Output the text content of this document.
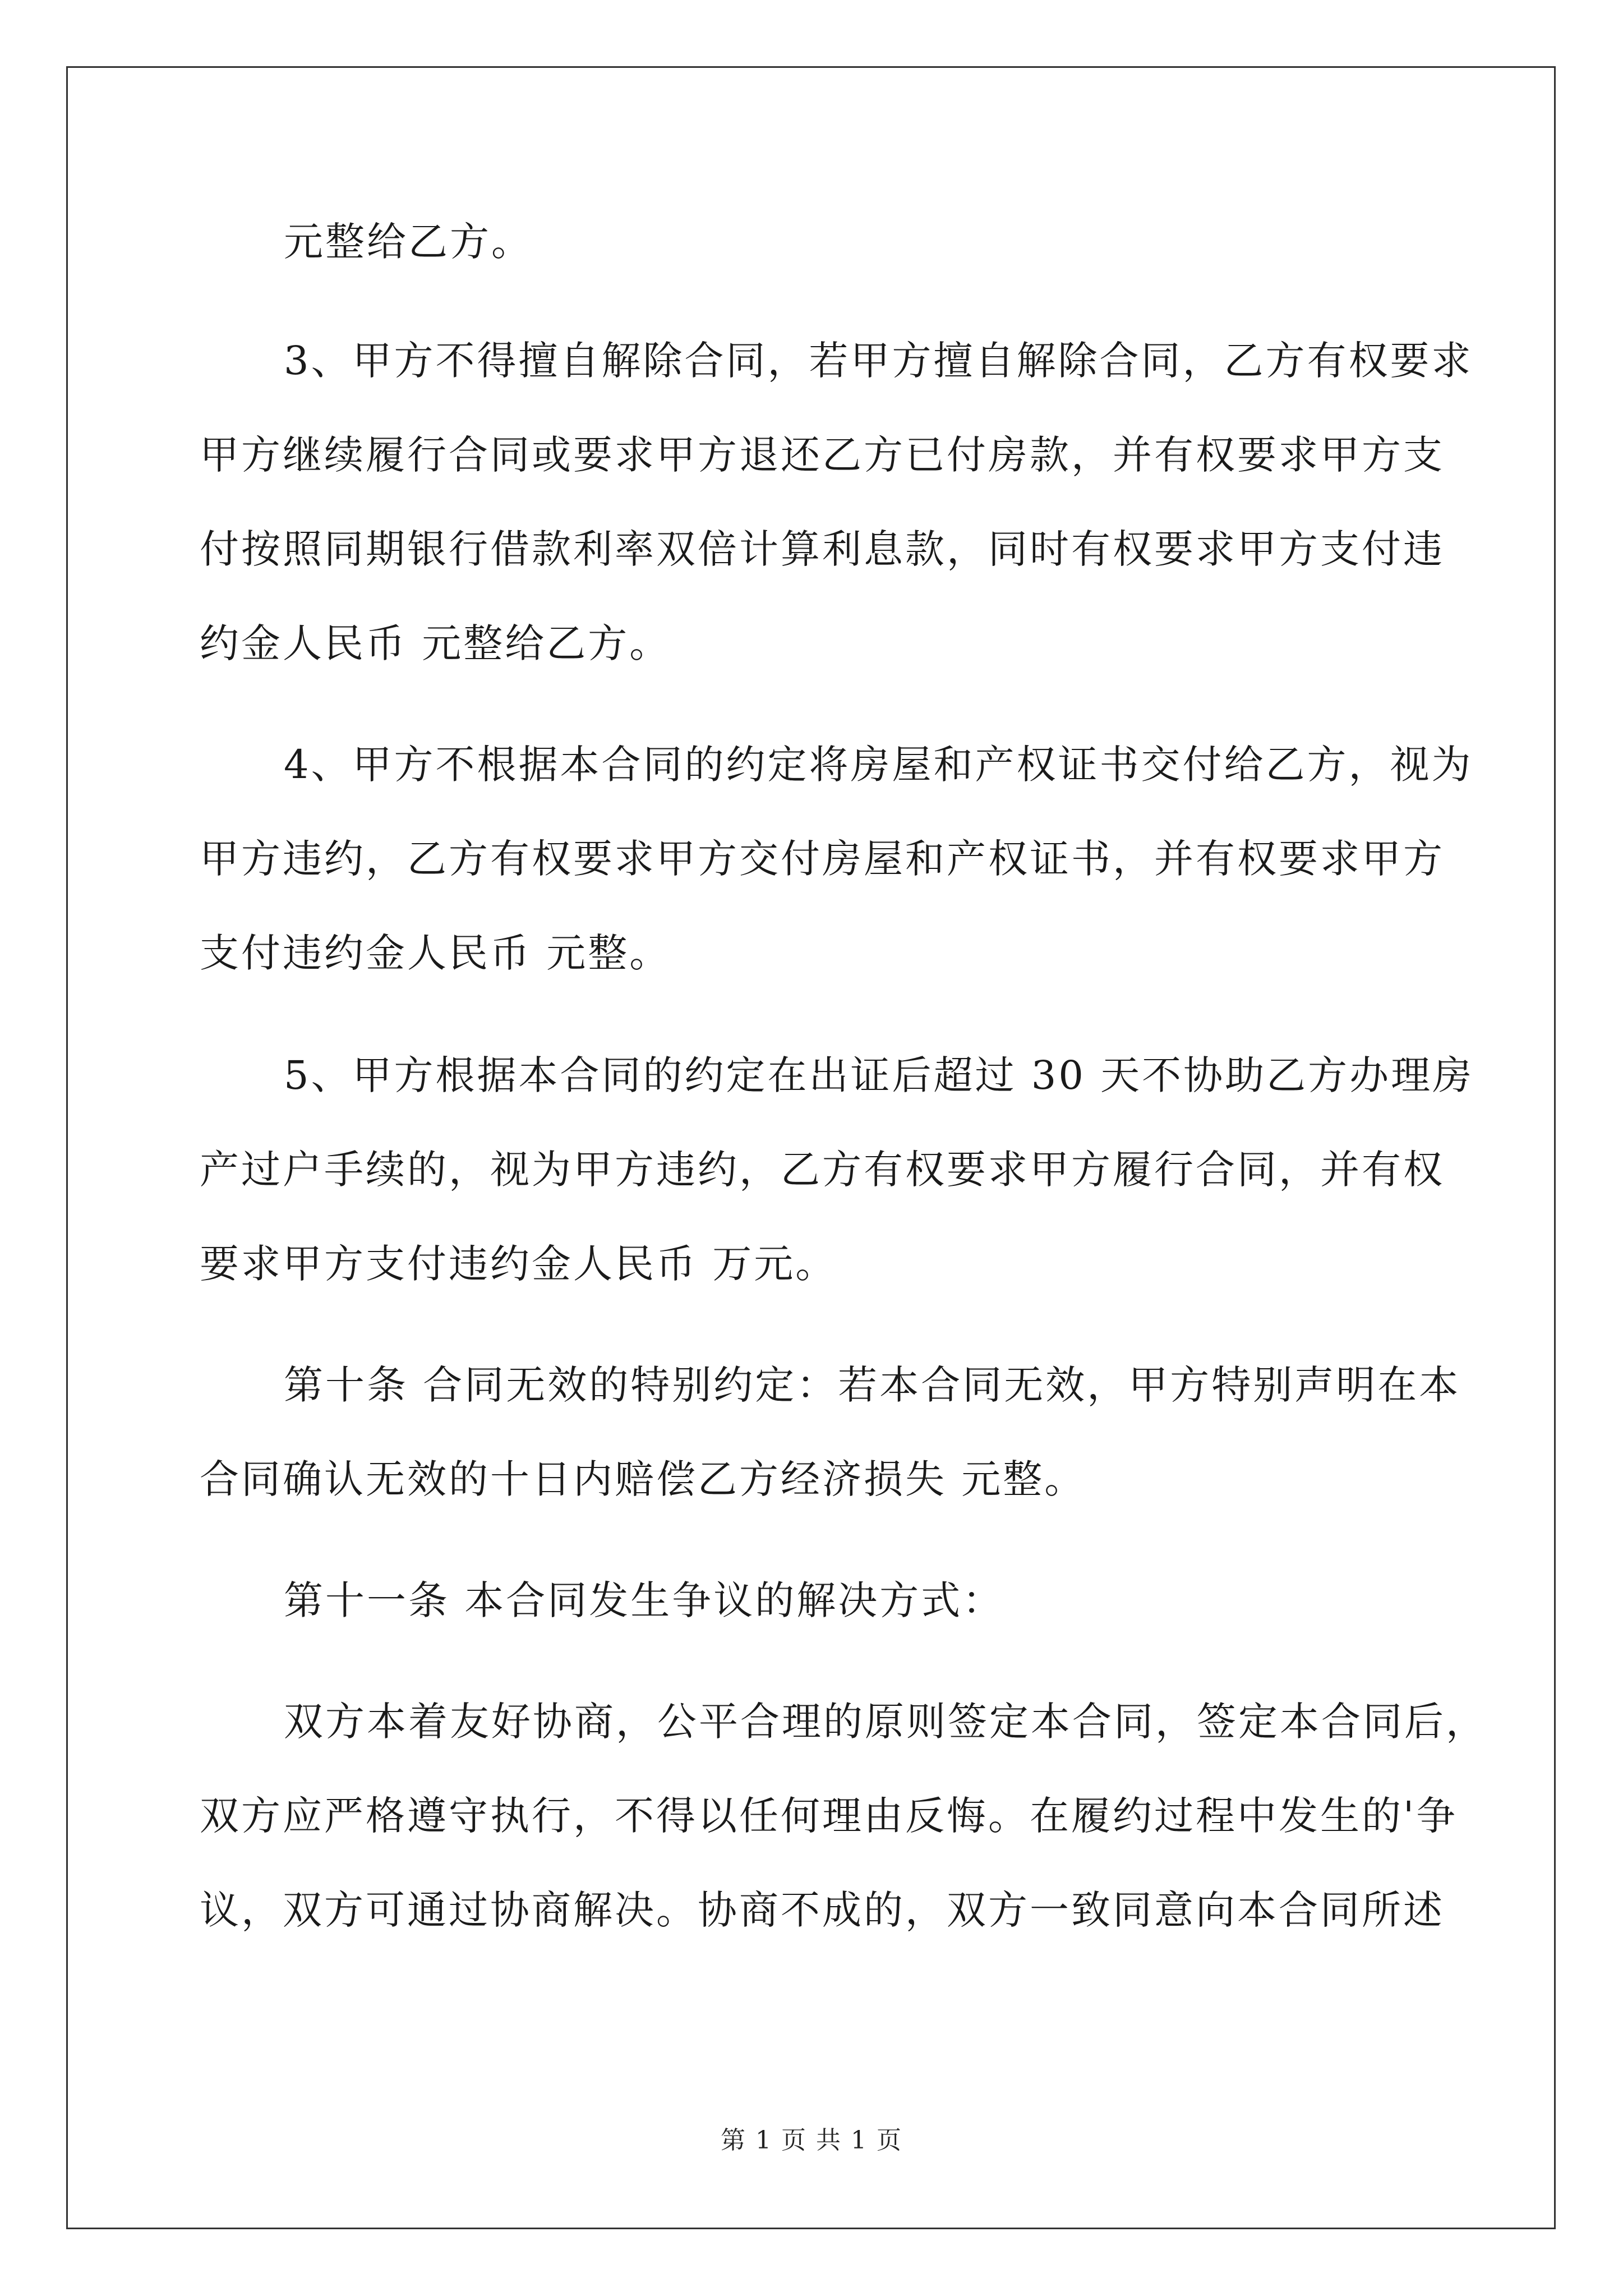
元整给乙方。
3、甲方不得擅自解除合同，若甲方擅自解除合同，乙方有权要求
甲方继续履行合同或要求甲方退还乙方已付房款，并有权要求甲方支
付按照同期银行借款利率双倍计算利息款，同时有权要求甲方支付违
约金人民币 元整给乙方。
4、甲方不根据本合同的约定将房屋和产权证书交付给乙方，视为
甲方违约，乙方有权要求甲方交付房屋和产权证书，并有权要求甲方
支付违约金人民币 元整。
5、甲方根据本合同的约定在出证后超过 30 天不协助乙方办理房
产过户手续的，视为甲方违约，乙方有权要求甲方履行合同，并有权
要求甲方支付违约金人民币 万元。
第十条 合同无效的特别约定：若本合同无效，甲方特别声明在本
合同确认无效的十日内赔偿乙方经济损失 元整。
第十一条 本合同发生争议的解决方式：
双方本着友好协商，公平合理的原则签定本合同，签定本合同后，
双方应严格遵守执行，不得以任何理由反悔。在履约过程中发生的'争
议，双方可通过协商解决。协商不成的，双方一致同意向本合同所述
第 1 页 共 1 页
